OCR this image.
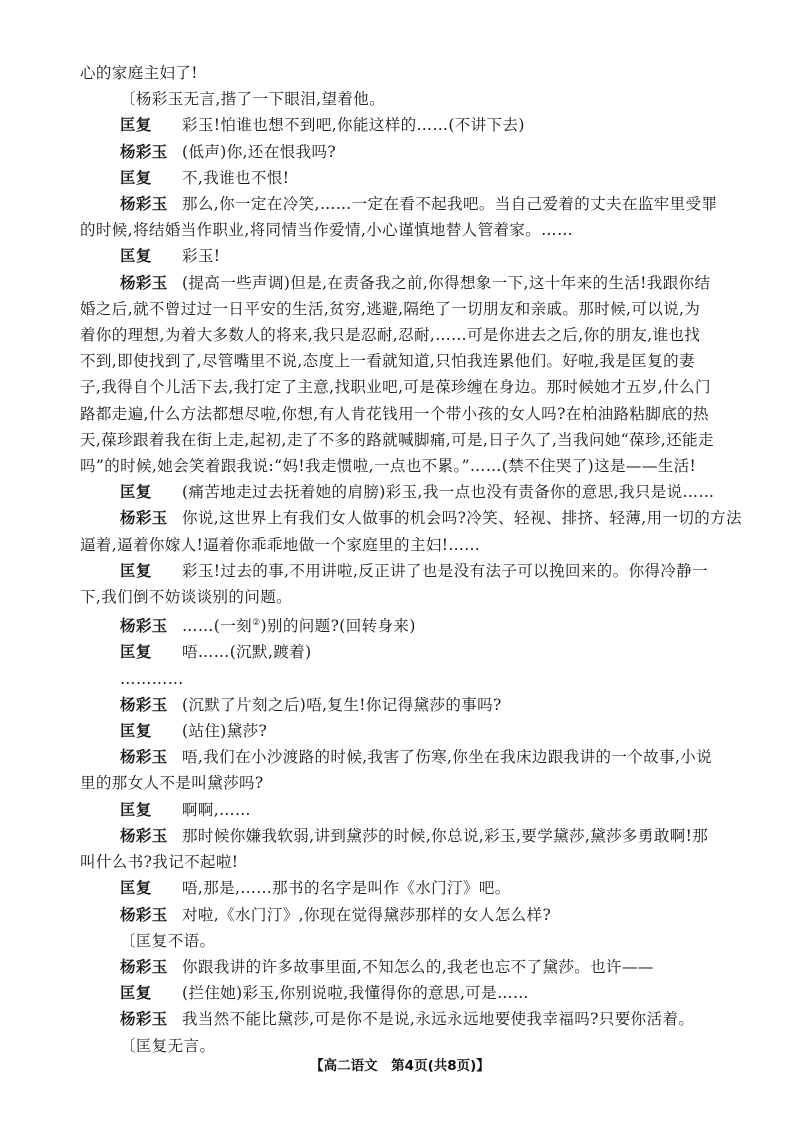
心的家庭主妇了!
〔杨彩玉无言,揩了一下眼泪,望着他。
匡复 彩玉!怕谁也想不到吧,你能这样的……(不讲下去)
杨彩玉 (低声)你,还在恨我吗?
匡复 不,我谁也不恨!
杨彩玉 那么,你一定在冷笑,……一定在看不起我吧。当自己爱着的丈夫在监牢里受罪
的时候,将结婚当作职业,将同情当作爱情,小心谨慎地替人管着家。……
匡复 彩玉!
杨彩玉 (提高一些声调)但是,在责备我之前,你得想象一下,这十年来的生活!我跟你结
婚之后,就不曾过过一日平安的生活,贫穷,逃避,隔绝了一切朋友和亲戚。那时候,可以说,为
着你的理想,为着大多数人的将来,我只是忍耐,忍耐,……可是你进去之后,你的朋友,谁也找
不到,即使找到了,尽管嘴里不说,态度上一看就知道,只怕我连累他们。好啦,我是匡复的妻
子,我得自个儿活下去,我打定了主意,找职业吧,可是葆珍缠在身边。那时候她才五岁,什么门
路都走遍,什么方法都想尽啦,你想,有人肯花钱用一个带小孩的女人吗?在柏油路粘脚底的热
天,葆珍跟着我在街上走,起初,走了不多的路就喊脚痛,可是,日子久了,当我问她“葆珍,还能走
吗”的时候,她会笑着跟我说:“妈!我走惯啦,一点也不累。”……(禁不住哭了)这是——生活!
匡复 (痛苦地走过去抚着她的肩膀)彩玉,我一点也没有责备你的意思,我只是说……
杨彩玉 你说,这世界上有我们女人做事的机会吗?冷笑、轻视、排挤、轻薄,用一切的方法
逼着,逼着你嫁人!逼着你乖乖地做一个家庭里的主妇!……
匡复 彩玉!过去的事,不用讲啦,反正讲了也是没有法子可以挽回来的。你得冷静一
下,我们倒不妨谈谈别的问题。
杨彩玉 ……(一刻②)别的问题?(回转身来)
匡复 唔……(沉默,踱着)
…………
杨彩玉 (沉默了片刻之后)唔,复生!你记得黛莎的事吗?
匡复 (站住)黛莎?
杨彩玉 唔,我们在小沙渡路的时候,我害了伤寒,你坐在我床边跟我讲的一个故事,小说
里的那女人不是叫黛莎吗?
匡复 啊啊,……
杨彩玉 那时候你嫌我软弱,讲到黛莎的时候,你总说,彩玉,要学黛莎,黛莎多勇敢啊!那
叫什么书?我记不起啦!
匡复 唔,那是,……那书的名字是叫作《水门汀》吧。
杨彩玉 对啦,《水门汀》,你现在觉得黛莎那样的女人怎么样?
〔匡复不语。
杨彩玉 你跟我讲的许多故事里面,不知怎么的,我老也忘不了黛莎。也许——
匡复 (拦住她)彩玉,你别说啦,我懂得你的意思,可是……
杨彩玉 我当然不能比黛莎,可是你不是说,永远永远地要使我幸福吗?只要你活着。
〔匡复无言。
【高二语文　第4页(共8页)】
